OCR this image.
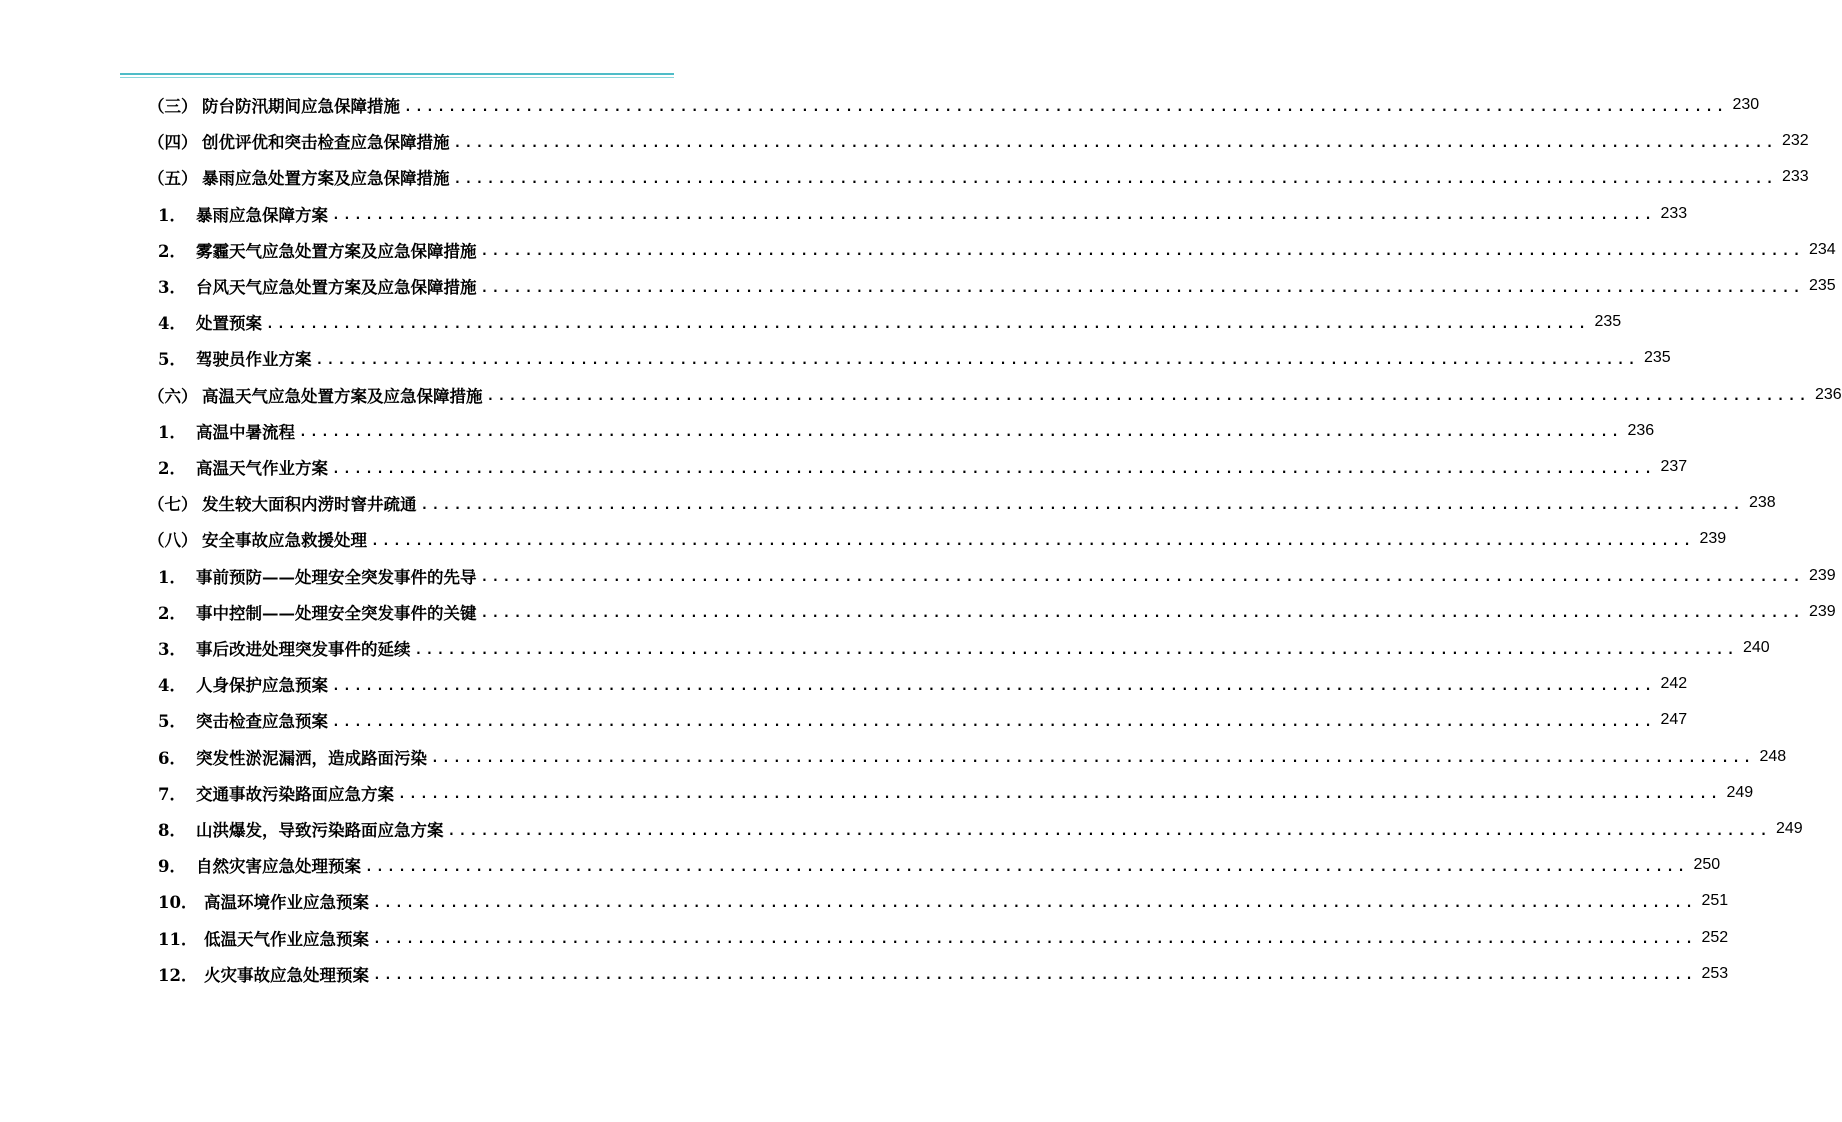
（三） 防台防汛期间应急保障措施 ........................................................................................................................ 230
（四） 创优评优和突击检查应急保障措施 ........................................................................................................................ 232
（五） 暴雨应急处置方案及应急保障措施 ........................................................................................................................ 233
1． 暴雨应急保障方案 ........................................................................................................................ 233
2． 雾霾天气应急处置方案及应急保障措施 ........................................................................................................................ 234
3． 台风天气应急处置方案及应急保障措施 ........................................................................................................................ 235
4． 处置预案 ........................................................................................................................ 235
5． 驾驶员作业方案 ........................................................................................................................ 235
（六） 高温天气应急处置方案及应急保障措施 ........................................................................................................................ 236
1． 高温中暑流程 ........................................................................................................................ 236
2． 高温天气作业方案 ........................................................................................................................ 237
（七） 发生较大面积内涝时窨井疏通 ........................................................................................................................ 238
（八） 安全事故应急救援处理 ........................................................................................................................ 239
1． 事前预防——处理安全突发事件的先导 ........................................................................................................................ 239
2． 事中控制——处理安全突发事件的关键 ........................................................................................................................ 239
3． 事后改进处理突发事件的延续 ........................................................................................................................ 240
4． 人身保护应急预案 ........................................................................................................................ 242
5． 突击检查应急预案 ........................................................................................................................ 247
6． 突发性淤泥漏洒，造成路面污染 ........................................................................................................................ 248
7． 交通事故污染路面应急方案 ........................................................................................................................ 249
8． 山洪爆发，导致污染路面应急方案 ........................................................................................................................ 249
9． 自然灾害应急处理预案 ........................................................................................................................ 250
10． 高温环境作业应急预案 ........................................................................................................................ 251
11． 低温天气作业应急预案 ........................................................................................................................ 252
12． 火灾事故应急处理预案 ........................................................................................................................ 253
